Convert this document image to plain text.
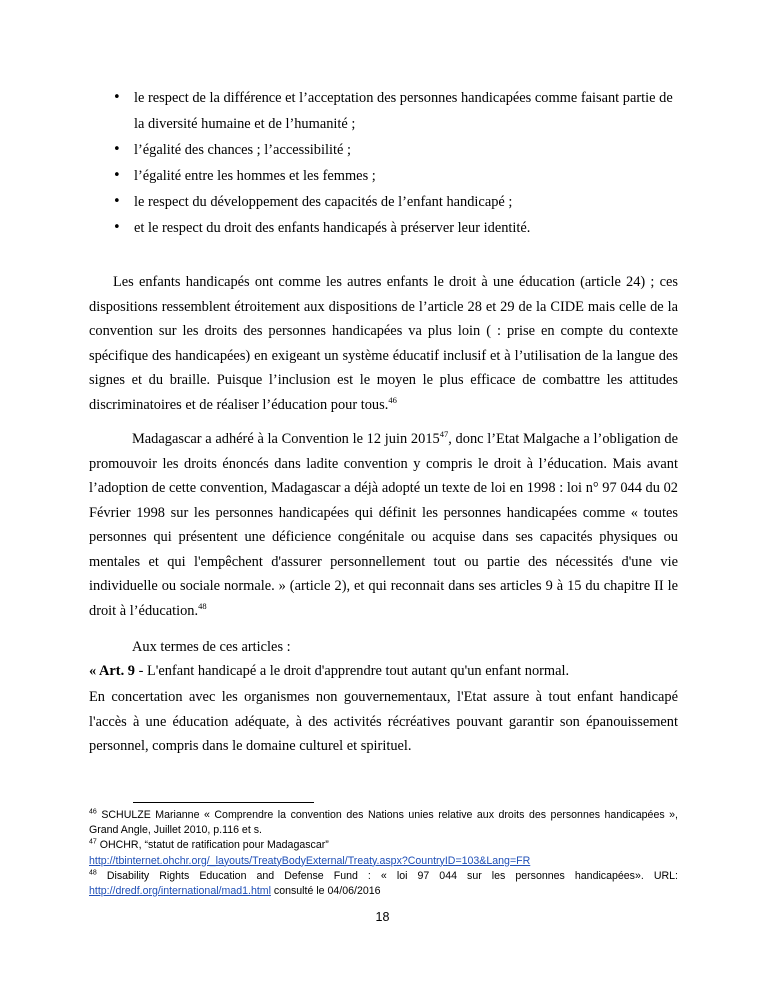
• le respect de la différence et l’acceptation des personnes handicapées comme faisant partie de la diversité humaine et de l’humanité ;
• l’égalité des chances ; l’accessibilité ;
• l’égalité entre les hommes et les femmes ;
• le respect du développement des capacités de l’enfant handicapé ;
• et le respect du droit des enfants handicapés à préserver leur identité.

Les enfants handicapés ont comme les autres enfants le droit à une éducation (article 24) ; ces dispositions ressemblent étroitement aux dispositions de l’article 28 et 29 de la CIDE mais celle de la convention sur les droits des personnes handicapées va plus loin ( : prise en compte du contexte spécifique des handicapées) en exigeant un système éducatif inclusif et à l’utilisation de la langue des signes et du braille. Puisque l’inclusion est le moyen le plus efficace de combattre les attitudes discriminatoires et de réaliser l’éducation pour tous.$^{46}$

Madagascar a adhéré à la Convention le 12 juin 2015$^{47}$, donc l’Etat Malgache a l’obligation de promouvoir les droits énoncés dans ladite convention y compris le droit à l’éducation. Mais avant l’adoption de cette convention, Madagascar a déjà adopté un texte de loi en 1998 : loi n° 97 044 du 02 Février 1998 sur les personnes handicapées qui définit les personnes handicapées comme « toutes personnes qui présentent une déficience congénitale ou acquise dans ses capacités physiques ou mentales et qui l'empêchent d'assurer personnellement tout ou partie des nécessités d'une vie individuelle ou sociale normale. » (article 2), et qui reconnait dans ses articles 9 à 15 du chapitre II le droit à l’éducation.$^{48}$

Aux termes de ces articles :

« Art. 9 - L'enfant handicapé a le droit d'apprendre tout autant qu'un enfant normal.

En concertation avec les organismes non gouvernementaux, l'Etat assure à tout enfant handicapé l'accès à une éducation adéquate, à des activités récréatives pouvant garantir son épanouissement personnel, compris dans le domaine culturel et spirituel.

$^{46}$ SCHULZE Marianne « Comprendre la convention des Nations unies relative aux droits des personnes handicapées », Grand Angle, Juillet 2010, p.116 et s.

$^{47}$ OHCHR, “statut de ratification pour Madagascar”
http://tbinternet.ohchr.org/_layouts/TreatyBodyExternal/Treaty.aspx?CountryID=103&Lang=FR

$^{48}$ Disability Rights Education and Defense Fund : « loi 97 044 sur les personnes handicapées». URL: http://dredf.org/international/mad1.html consulté le 04/06/2016

18
